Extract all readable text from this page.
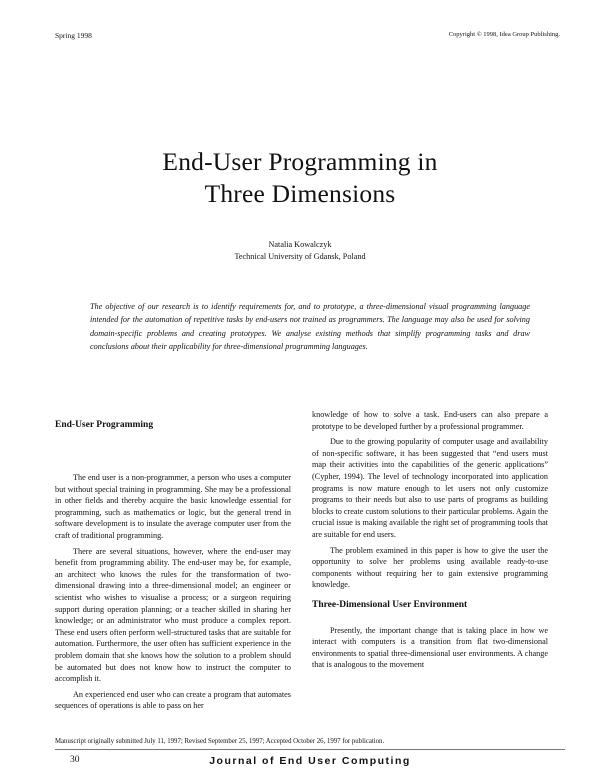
Spring 1998	Copyright © 1998, Idea Group Publishing.
End-User Programming in
Three Dimensions
Natalia Kowalczyk
Technical University of Gdansk, Poland

The objective of our research is to identify requirements for, and to prototype, a three-dimensional visual programming language intended for the automation of repetitive tasks by end-users not trained as programmers. The language may also be used for solving domain-specific problems and creating prototypes. We analyse existing methods that simplify programming tasks and draw conclusions about their applicability for three-dimensional programming languages.

End-User Programming

The end user is a non-programmer, a person who uses a computer but without special training in programming. She may be a professional in other fields and thereby acquire the basic knowledge essential for programming, such as mathematics or logic, but the general trend in software development is to insulate the average computer user from the craft of traditional programming.

There are several situations, however, where the end-user may benefit from programming ability. The end-user may be, for example, an architect who knows the rules for the transformation of two-dimensional drawing into a three-dimensional model; an engineer or scientist who wishes to visualise a process; or a surgeon requiring support during operation planning; or a teacher skilled in sharing her knowledge; or an administrator who must produce a complex report. These end users often perform well-structured tasks that are suitable for automation. Furthermore, the user often has sufficient experience in the problem domain that she knows how the solution to a problem should be automated but does not know how to instruct the computer to accomplish it.

An experienced end user who can create a program that automates sequences of operations is able to pass on her

knowledge of how to solve a task. End-users can also prepare a prototype to be developed further by a professional programmer.

Due to the growing popularity of computer usage and availability of non-specific software, it has been suggested that “end users must map their activities into the capabilities of the generic applications” (Cypher, 1994). The level of technology incorporated into application programs is now mature enough to let users not only customize programs to their needs but also to use parts of programs as building blocks to create custom solutions to their particular problems. Again the crucial issue is making available the right set of programming tools that are suitable for end users.

The problem examined in this paper is how to give the user the opportunity to solve her problems using available ready-to-use components without requiring her to gain extensive programming knowledge.

Three-Dimensional User Environment

Presently, the important change that is taking place in how we interact with computers is a transition from flat two-dimensional environments to spatial three-dimensional user environments. A change that is analogous to the movement

Manuscript originally submitted July 11, 1997; Revised September 25, 1997; Accepted October 26, 1997 for publication.
30	Journal of End User Computing
